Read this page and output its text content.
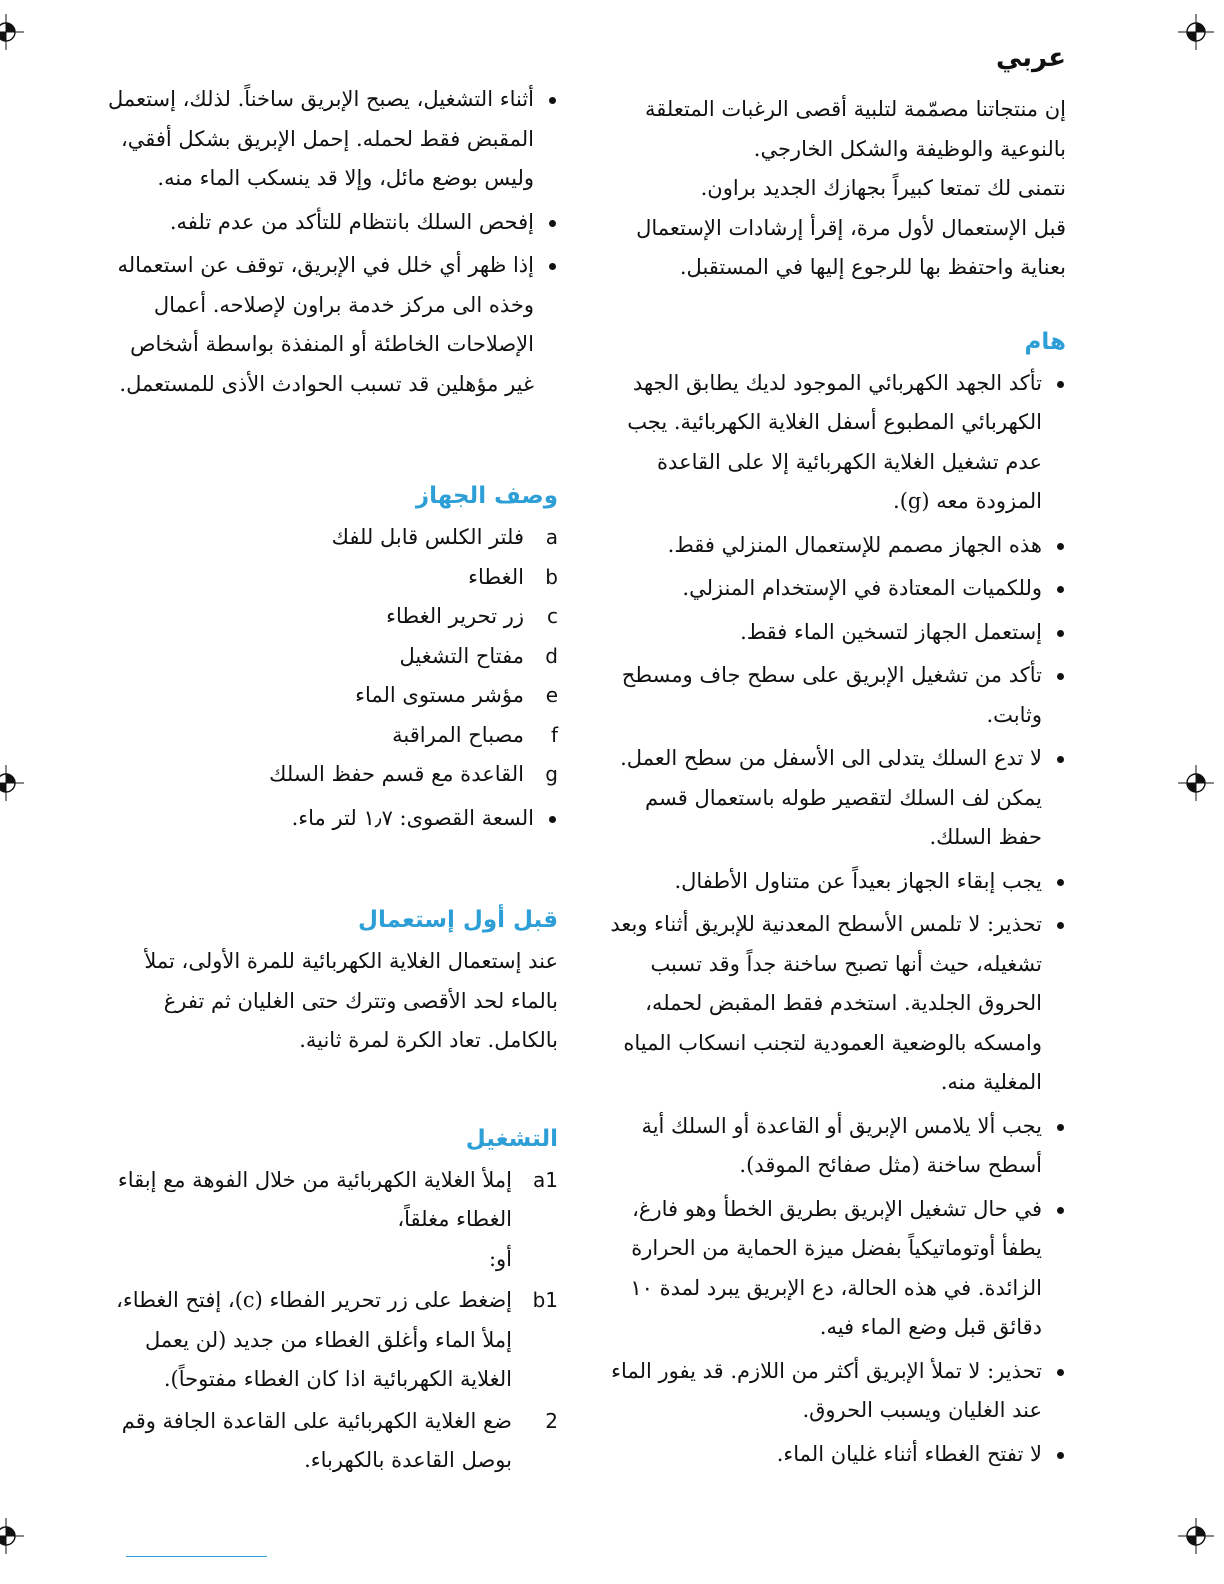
عربي

إن منتجاتنا مصمّمة لتلبية أقصى الرغبات المتعلقة بالنوعية والوظيفة والشكل الخارجي.

نتمنى لك تمتعا كبيراً بجهازك الجديد براون.

قبل الإستعمال لأول مرة، إقرأ إرشادات الإستعمال بعناية واحتفظ بها للرجوع إليها في المستقبل.

هام
تأكد الجهد الكهربائي الموجود لديك يطابق الجهد الكهربائي المطبوع أسفل الغلاية الكهربائية. يجب عدم تشغيل الغلاية الكهربائية إلا على القاعدة المزودة معه (g).
هذه الجهاز مصمم للإستعمال المنزلي فقط.
وللكميات المعتادة في الإستخدام المنزلي.
إستعمل الجهاز لتسخين الماء فقط.
تأكد من تشغيل الإبريق على سطح جاف ومسطح وثابت.
لا تدع السلك يتدلى الى الأسفل من سطح العمل. يمكن لف السلك لتقصير طوله باستعمال قسم حفظ السلك.
يجب إبقاء الجهاز بعيداً عن متناول الأطفال.
تحذير: لا تلمس الأسطح المعدنية للإبريق أثناء وبعد تشغيله، حيث أنها تصبح ساخنة جداً وقد تسبب الحروق الجلدية. استخدم فقط المقبض لحمله، وامسكه بالوضعية العمودية لتجنب انسكاب المياه المغلية منه.
يجب ألا يلامس الإبريق أو القاعدة أو السلك أية أسطح ساخنة (مثل صفائح الموقد).
في حال تشغيل الإبريق بطريق الخطأ وهو فارغ، يطفأ أوتوماتيكياً بفضل ميزة الحماية من الحرارة الزائدة. في هذه الحالة، دع الإبريق يبرد لمدة ١٠ دقائق قبل وضع الماء فيه.
تحذير: لا تملأ الإبريق أكثر من اللازم. قد يفور الماء عند الغليان ويسبب الحروق.
لا تفتح الغطاء أثناء غليان الماء.
أثناء التشغيل، يصبح الإبريق ساخناً. لذلك، إستعمل المقبض فقط لحمله. إحمل الإبريق بشكل أفقي، وليس بوضع مائل، وإلا قد ينسكب الماء منه.
إفحص السلك بانتظام للتأكد من عدم تلفه.
إذا ظهر أي خلل في الإبريق، توقف عن استعماله وخذه الى مركز خدمة براون لإصلاحه. أعمال الإصلاحات الخاطئة أو المنفذة بواسطة أشخاص غير مؤهلين قد تسبب الحوادث الأذى للمستعمل.
وصف الجهاز
a
فلتر الكلس قابل للفك
b
الغطاء
c
زر تحرير الغطاء
d
مفتاح التشغيل
e
مؤشر مستوى الماء
f
مصباح المراقبة
g
القاعدة مع قسم حفظ السلك
السعة القصوى: ١٫٧ لتر ماء.
قبل أول إستعمال

عند إستعمال الغلاية الكهربائية للمرة الأولى، تملأ بالماء لحد الأقصى وتترك حتى الغليان ثم تفرغ بالكامل. تعاد الكرة لمرة ثانية.

التشغيل
a1
إملأ الغلاية الكهربائية من خلال الفوهة مع إبقاء الغطاء مغلقاً،
أو:
b1
إضغط على زر تحرير الفطاء (c)، إفتح الغطاء، إملأ الماء وأغلق الغطاء من جديد (لن يعمل الغلاية الكهربائية اذا كان الغطاء مفتوحاً).
2
ضع الغلاية الكهربائية على القاعدة الجافة وقم بوصل القاعدة بالكهرباء.
